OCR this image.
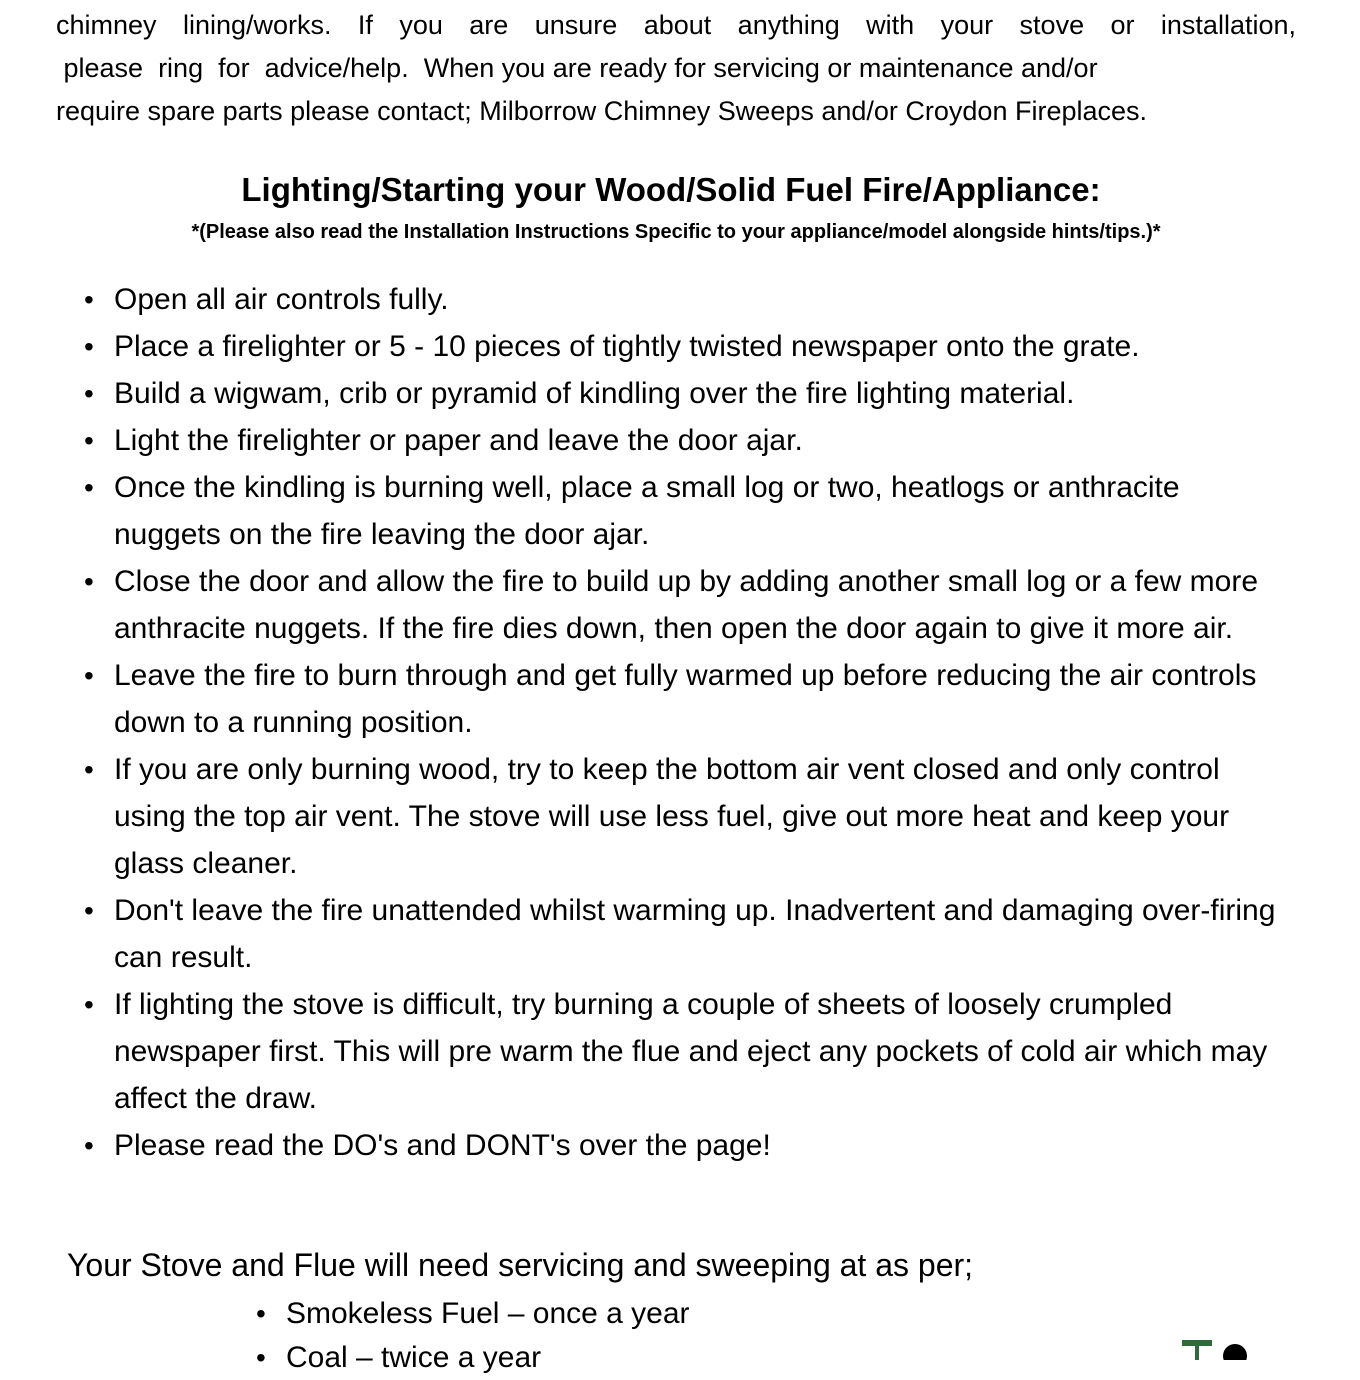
chimney lining/works. If you are unsure about anything with your stove or installation,
please  ring  for  advice/help.  When you are ready for servicing or maintenance and/or
require spare parts please contact; Milborrow Chimney Sweeps and/or Croydon Fireplaces.
Lighting/Starting your Wood/Solid Fuel Fire/Appliance:

*(Please also read the Installation Instructions Specific to your appliance/model alongside hints/tips.)*

• Open all air controls fully.
• Place a firelighter or 5 - 10 pieces of tightly twisted newspaper onto the grate.
• Build a wigwam, crib or pyramid of kindling over the fire lighting material.
• Light the firelighter or paper and leave the door ajar.
• Once the kindling is burning well, place a small log or two, heatlogs or anthracite nuggets on the fire leaving the door ajar.
• Close the door and allow the fire to build up by adding another small log or a few more anthracite nuggets. If the fire dies down, then open the door again to give it more air.
• Leave the fire to burn through and get fully warmed up before reducing the air controls down to a running position.
• If you are only burning wood, try to keep the bottom air vent closed and only control using the top air vent. The stove will use less fuel, give out more heat and keep your glass cleaner.
• Don't leave the fire unattended whilst warming up. Inadvertent and damaging over-firing can result.
• If lighting the stove is difficult, try burning a couple of sheets of loosely crumpled newspaper first. This will pre warm the flue and eject any pockets of cold air which may affect the draw.
• Please read the DO's and DONT's over the page!

Your Stove and Flue will need servicing and sweeping at as per;

• Smokeless Fuel – once a year
• Coal – twice a year
